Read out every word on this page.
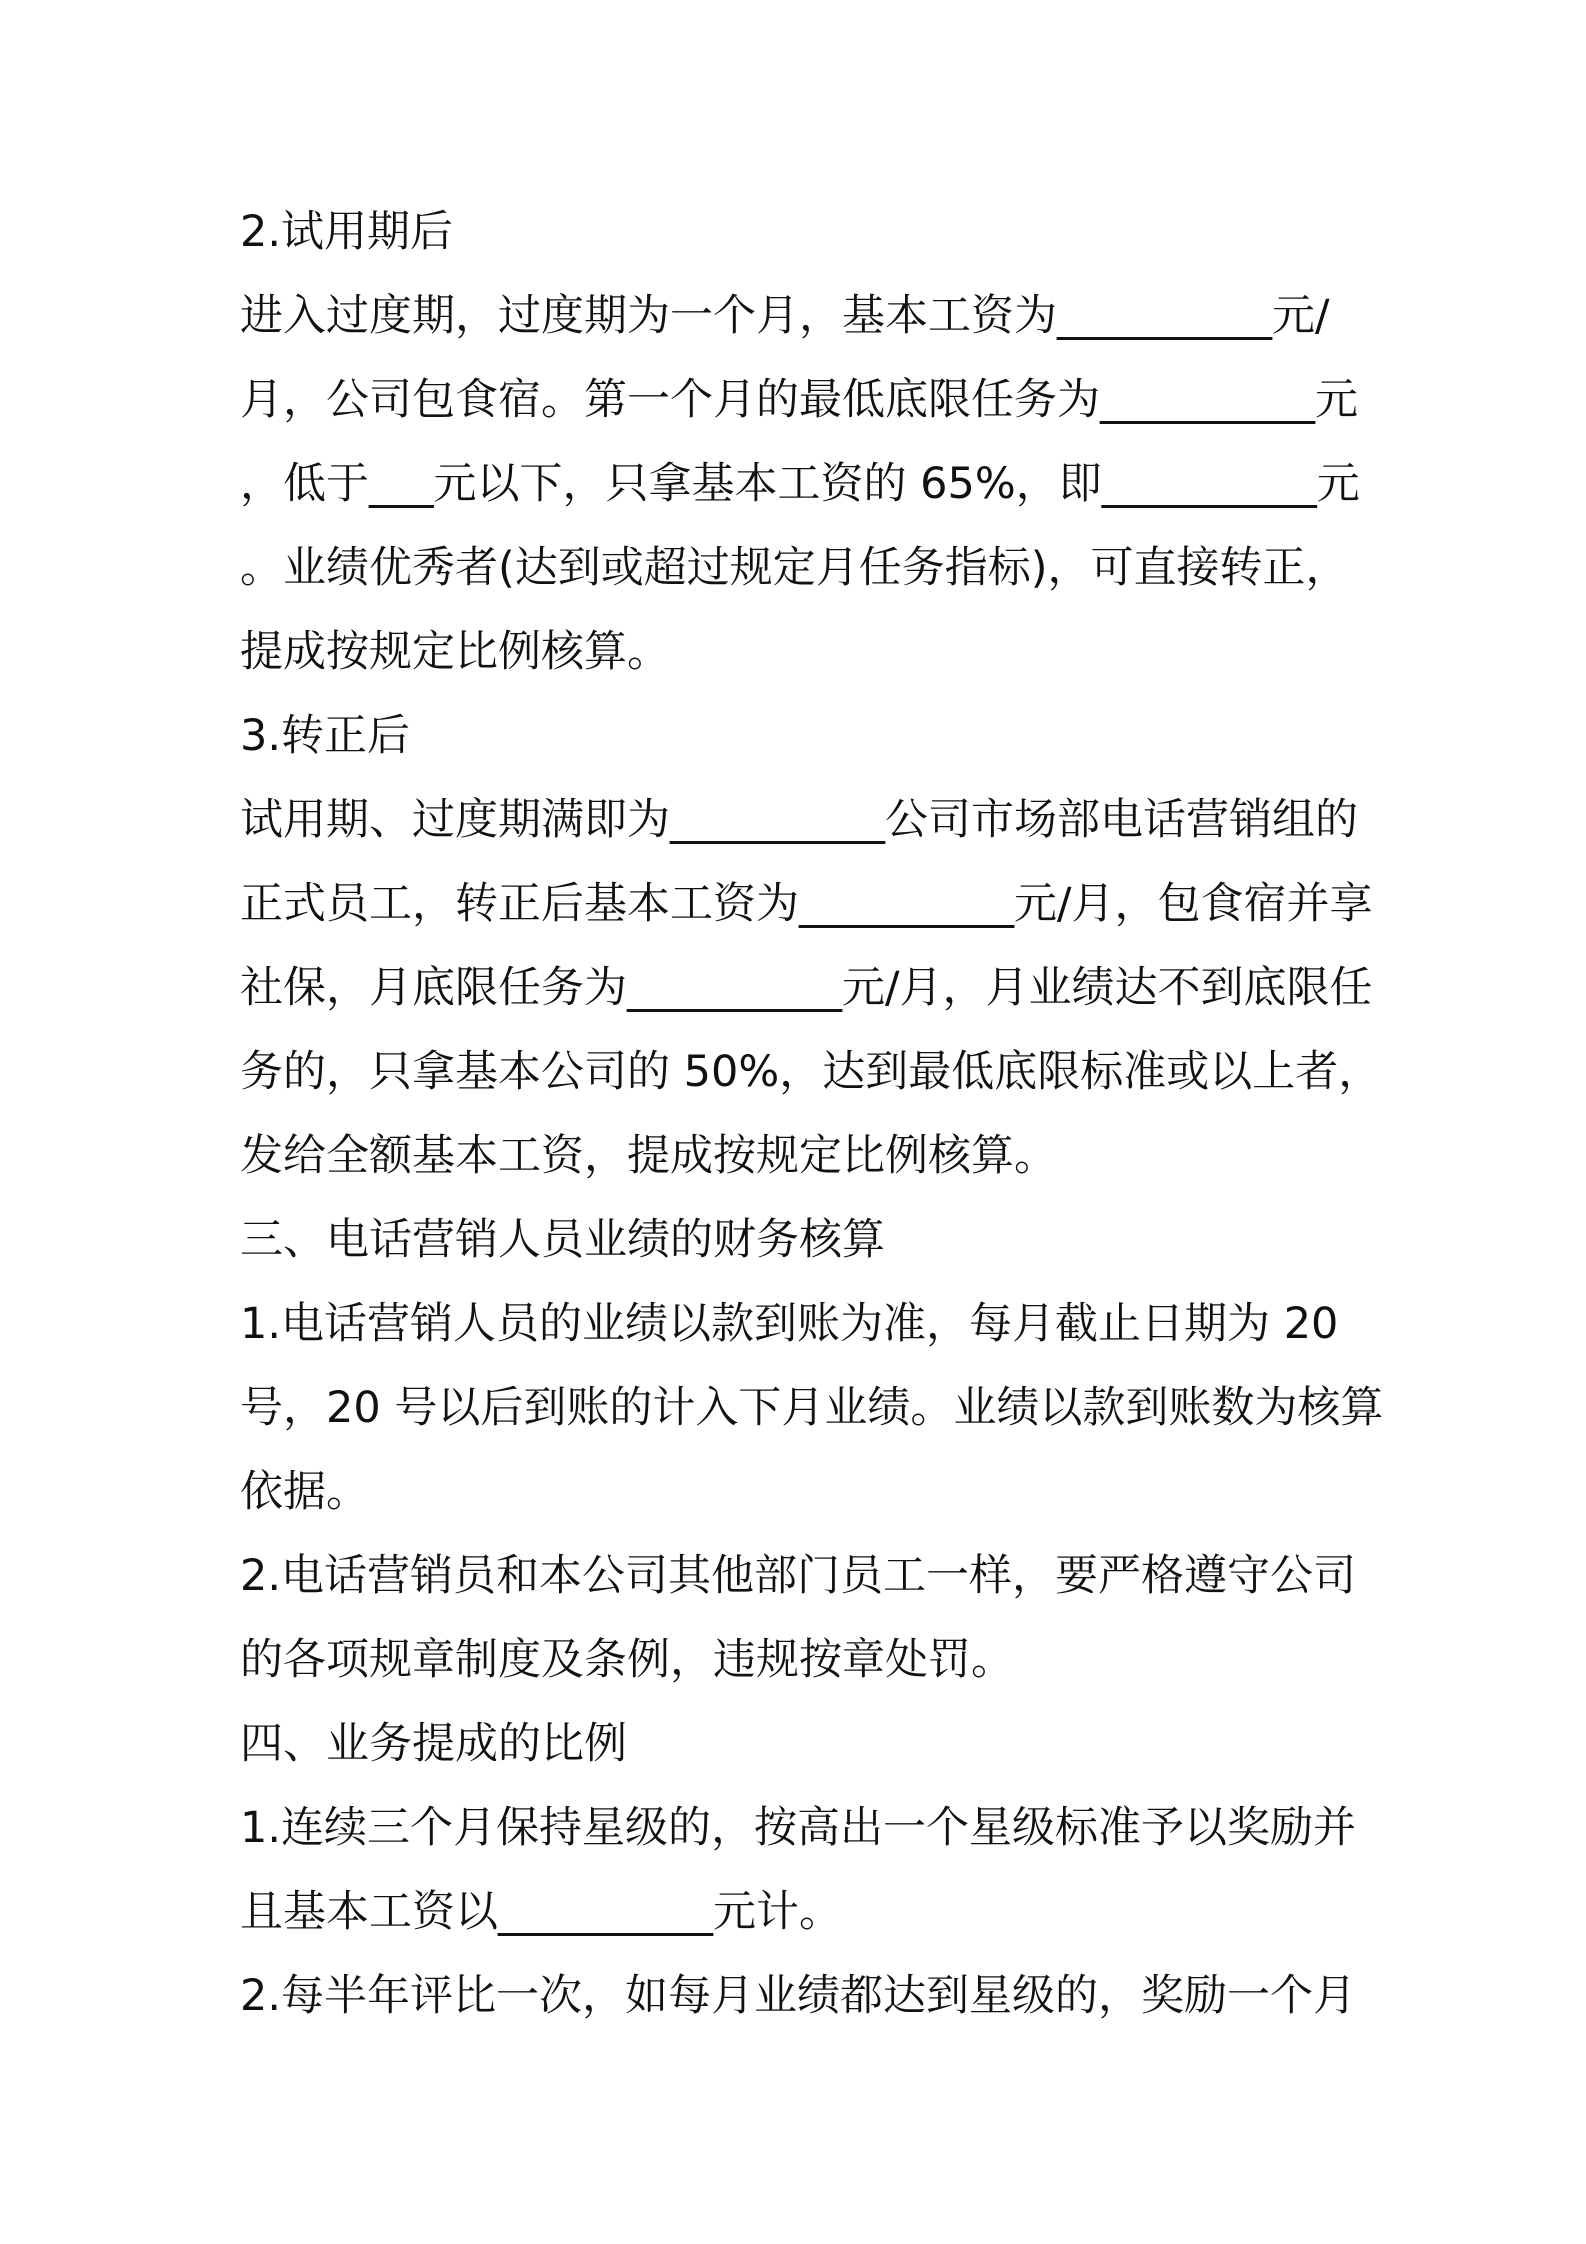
2.试用期后
进入过度期，过度期为一个月，基本工资为__________元/
月，公司包食宿。第一个月的最低底限任务为__________元
，低于___元以下，只拿基本工资的 65%，即__________元
。业绩优秀者(达到或超过规定月任务指标)，可直接转正，
提成按规定比例核算。
3.转正后
试用期、过度期满即为__________公司市场部电话营销组的
正式员工，转正后基本工资为__________元/月，包食宿并享
社保，月底限任务为__________元/月，月业绩达不到底限任
务的，只拿基本公司的 50%，达到最低底限标准或以上者，
发给全额基本工资，提成按规定比例核算。
三、电话营销人员业绩的财务核算
1.电话营销人员的业绩以款到账为准，每月截止日期为 20
号，20 号以后到账的计入下月业绩。业绩以款到账数为核算
依据。
2.电话营销员和本公司其他部门员工一样，要严格遵守公司
的各项规章制度及条例，违规按章处罚。
四、业务提成的比例
1.连续三个月保持星级的，按高出一个星级标准予以奖励并
且基本工资以__________元计。
2.每半年评比一次，如每月业绩都达到星级的，奖励一个月
